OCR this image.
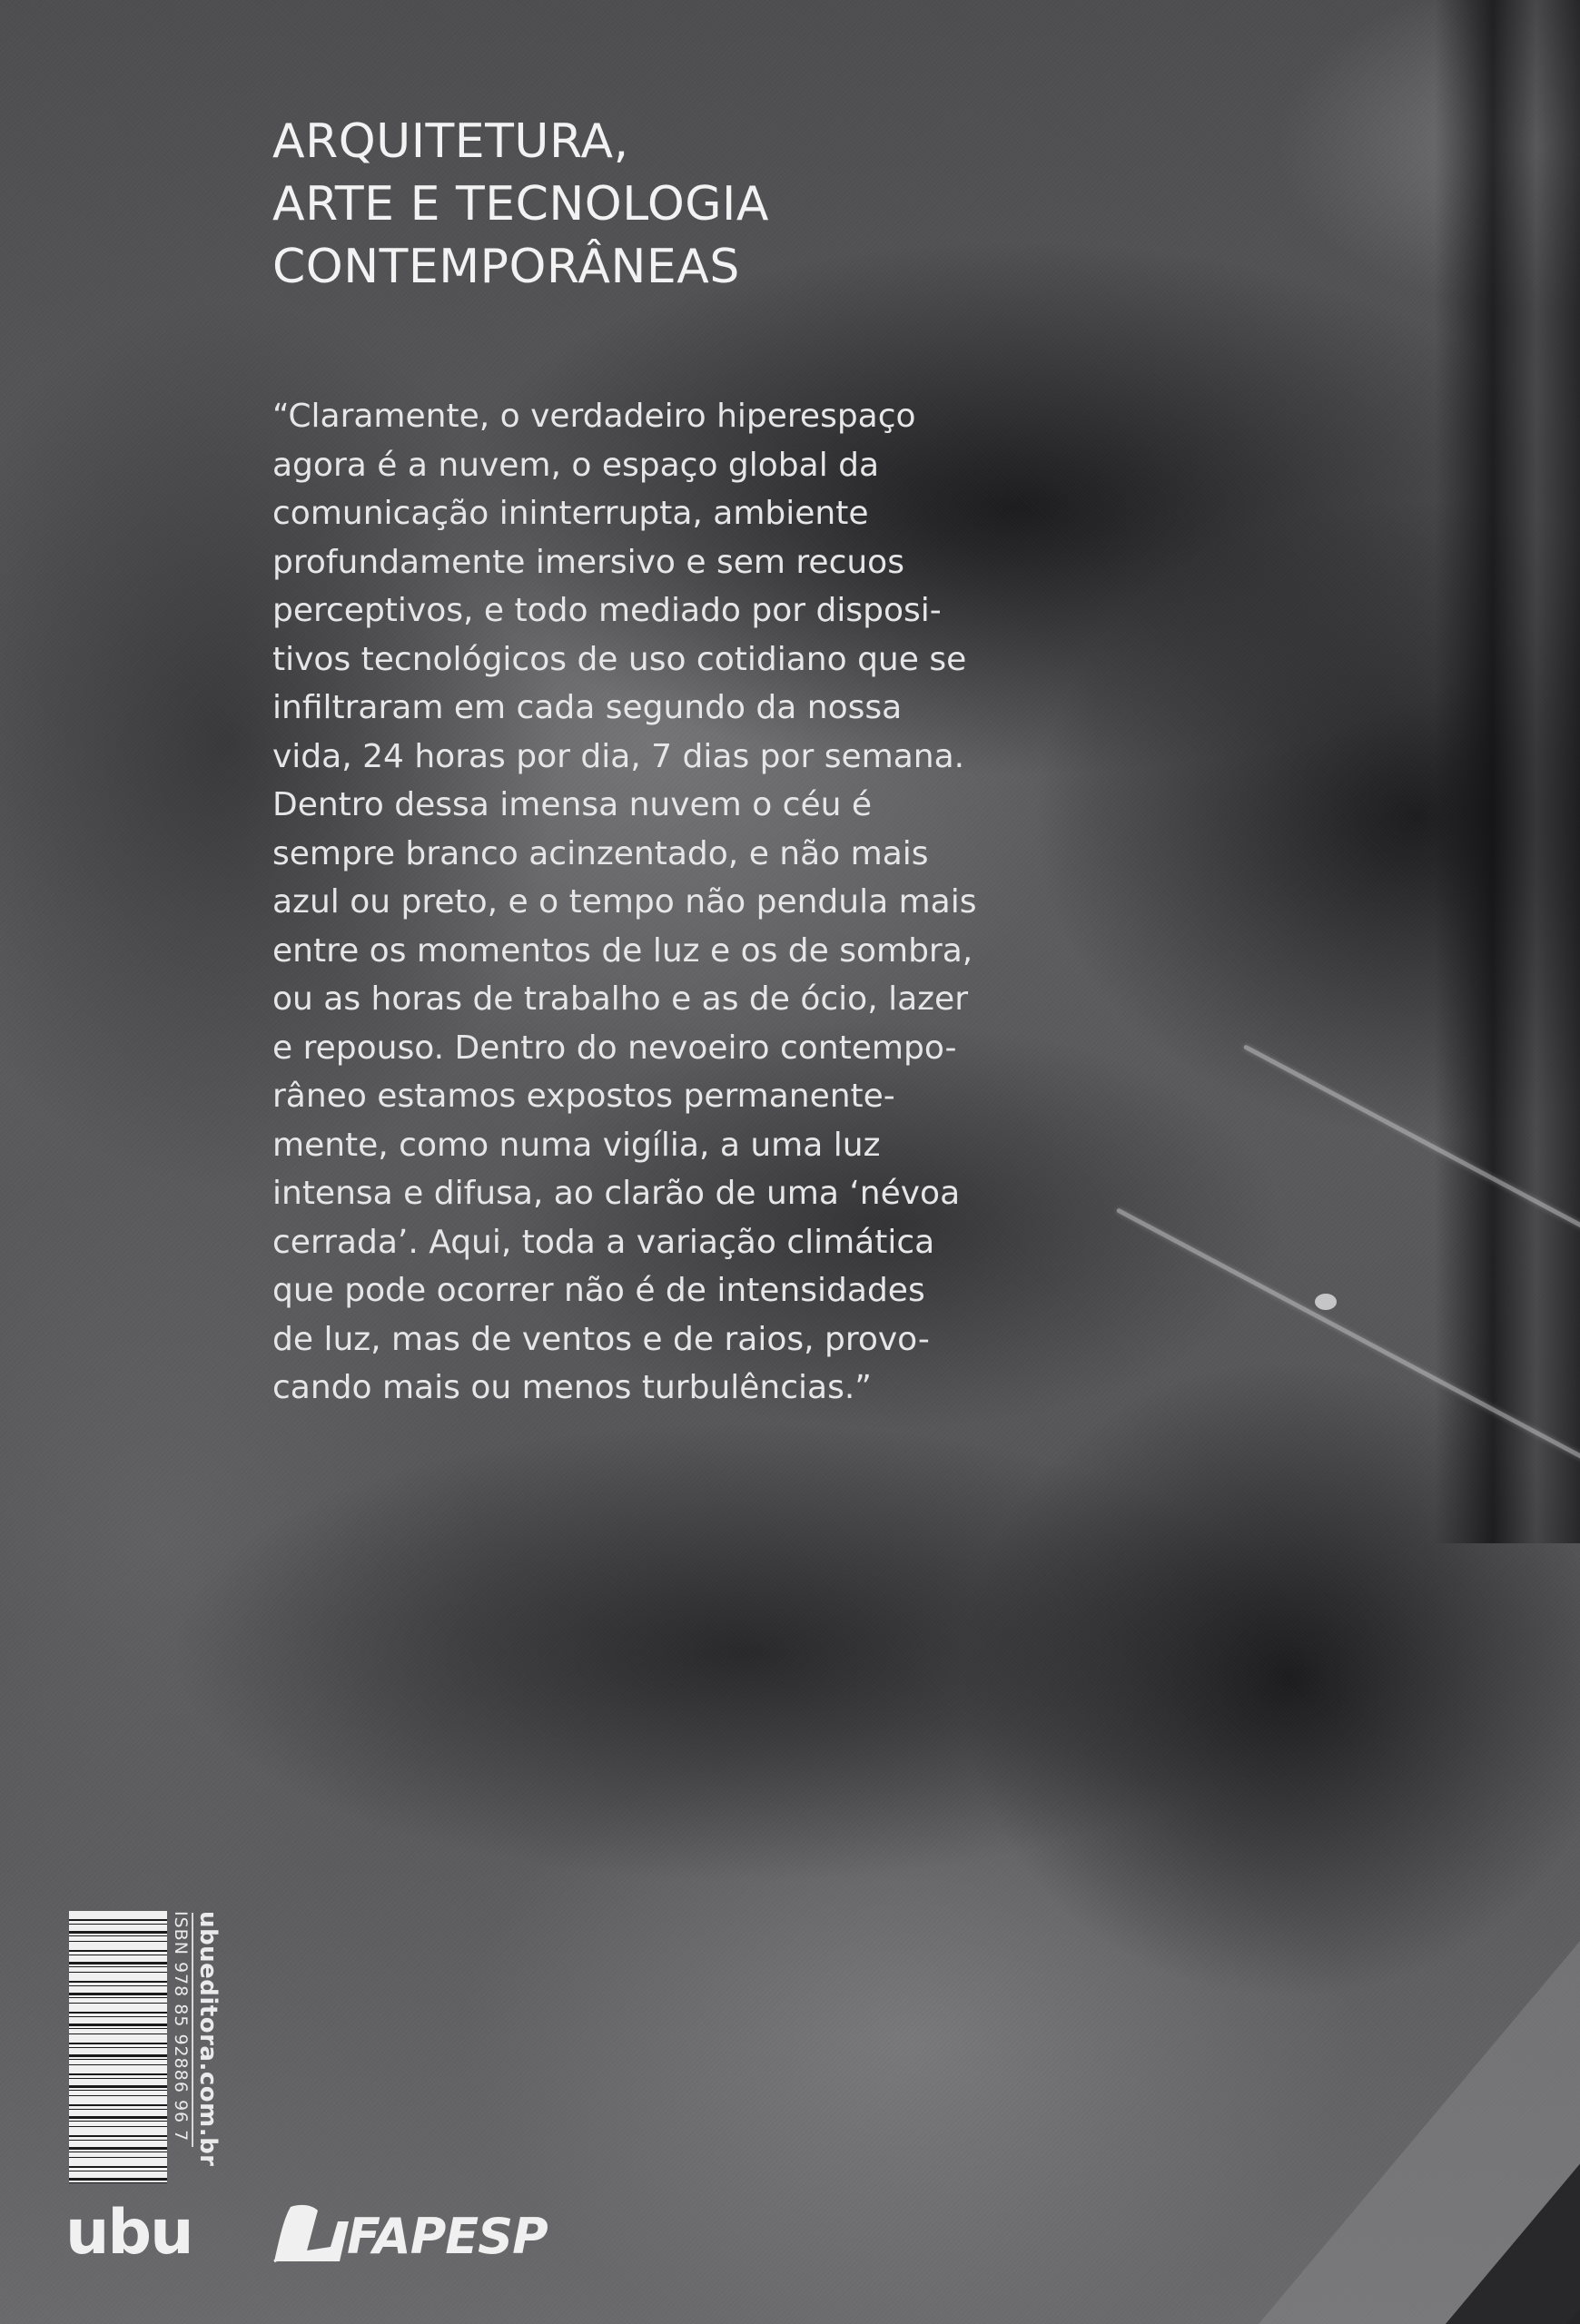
ARQUITETURA,
ARTE E TECNOLOGIA
CONTEMPORÂNEAS

“Claramente, o verdadeiro hiperespaço
agora é a nuvem, o espaço global da
comunicação ininterrupta, ambiente
profundamente imersivo e sem recuos
perceptivos, e todo mediado por disposi-
tivos tecnológicos de uso cotidiano que se
infiltraram em cada segundo da nossa
vida, 24 horas por dia, 7 dias por semana.
Dentro dessa imensa nuvem o céu é
sempre branco acinzentado, e não mais
azul ou preto, e o tempo não pendula mais
entre os momentos de luz e os de sombra,
ou as horas de trabalho e as de ócio, lazer
e repouso. Dentro do nevoeiro contempo-
râneo estamos expostos permanente-
mente, como numa vigília, a uma luz
intensa e difusa, ao clarão de uma ‘névoa
cerrada’. Aqui, toda a variação climática
que pode ocorrer não é de intensidades
de luz, mas de ventos e de raios, provo-
cando mais ou menos turbulências.”

ISBN 978 85 92886 96 7 ubueditora.com.br
ubu	FAPESP
